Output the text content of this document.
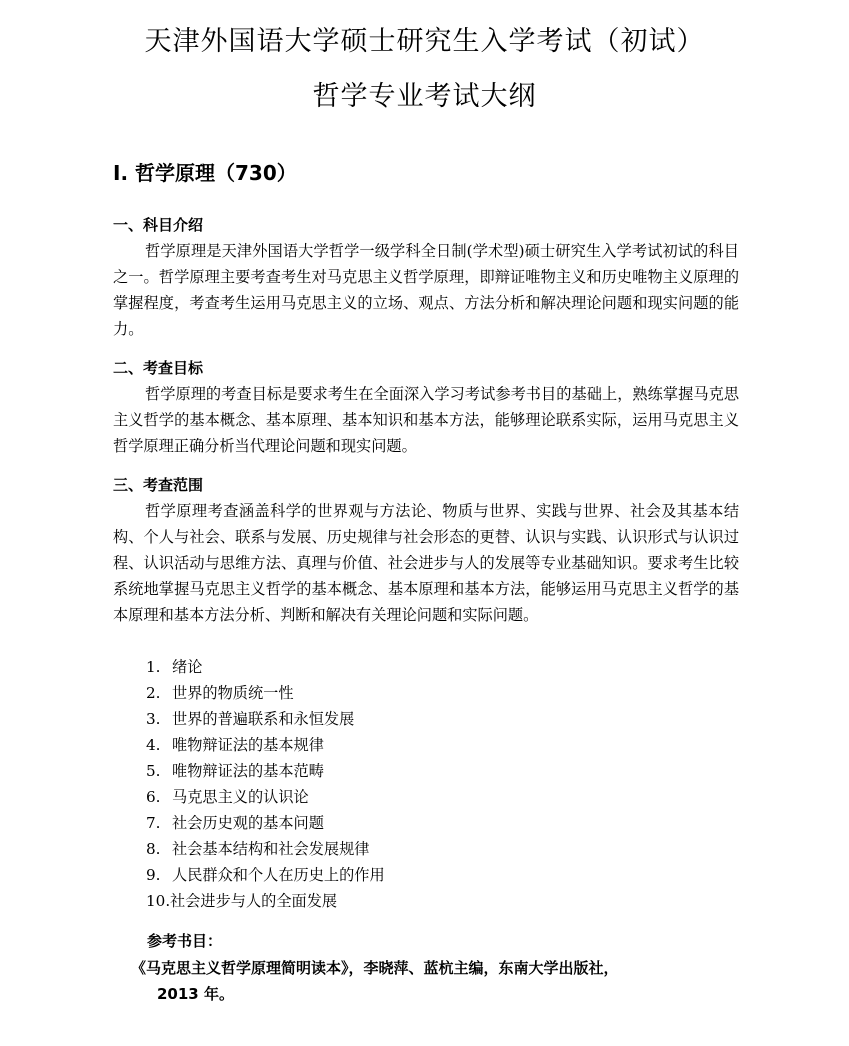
天津外国语大学硕士研究生入学考试（初试）
哲学专业考试大纲
I. 哲学原理（730）
一、科目介绍

哲学原理是天津外国语大学哲学一级学科全日制(学术型)硕士研究生入学考试初试的科目之一。哲学原理主要考查考生对马克思主义哲学原理，即辩证唯物主义和历史唯物主义原理的掌握程度，考查考生运用马克思主义的立场、观点、方法分析和解决理论问题和现实问题的能力。

二、考查目标

哲学原理的考查目标是要求考生在全面深入学习考试参考书目的基础上，熟练掌握马克思主义哲学的基本概念、基本原理、基本知识和基本方法，能够理论联系实际，运用马克思主义哲学原理正确分析当代理论问题和现实问题。

三、考查范围

哲学原理考查涵盖科学的世界观与方法论、物质与世界、实践与世界、社会及其基本结构、个人与社会、联系与发展、历史规律与社会形态的更替、认识与实践、认识形式与认识过程、认识活动与思维方法、真理与价值、社会进步与人的发展等专业基础知识。要求考生比较系统地掌握马克思主义哲学的基本概念、基本原理和基本方法，能够运用马克思主义哲学的基本原理和基本方法分析、判断和解决有关理论问题和实际问题。

1. 绪论
2. 世界的物质统一性
3. 世界的普遍联系和永恒发展
4. 唯物辩证法的基本规律
5. 唯物辩证法的基本范畴
6. 马克思主义的认识论
7. 社会历史观的基本问题
8. 社会基本结构和社会发展规律
9. 人民群众和个人在历史上的作用
10. 社会进步与人的全面发展
参考书目：
《马克思主义哲学原理简明读本》，李晓萍、蓝杭主编，东南大学出版社，
2013 年。
